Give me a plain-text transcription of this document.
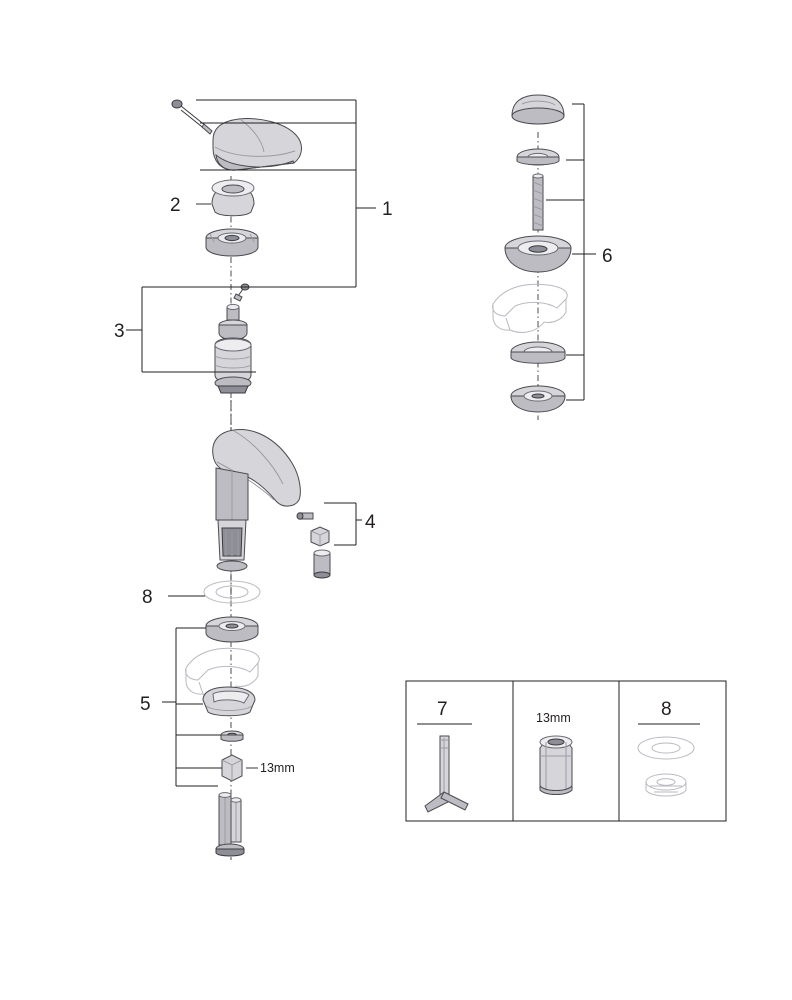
1
2
3
4
8
13mm
5
6
7	13mm	8
